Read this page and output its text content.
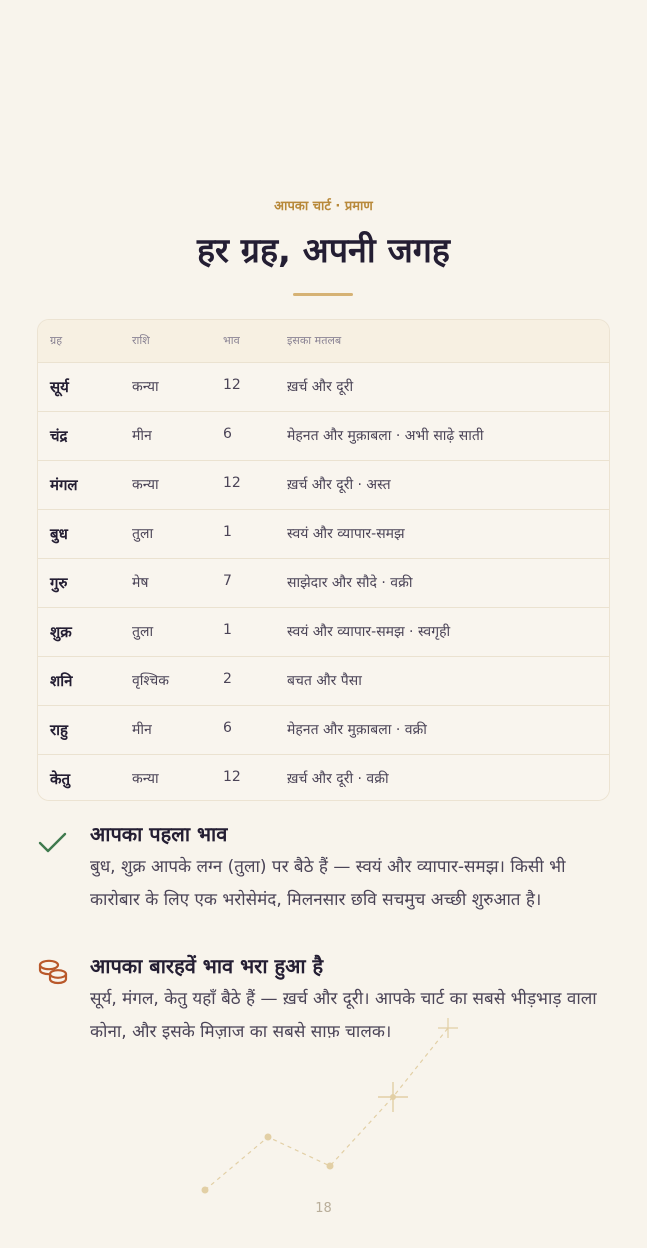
आपका चार्ट · प्रमाण
हर ग्रह, अपनी जगह
ग्रह	राशि	भाव	इसका मतलब
सूर्य	कन्या	12	ख़र्च और दूरी
चंद्र	मीन	6	मेहनत और मुक़ाबला · अभी साढ़े साती
मंगल	कन्या	12	ख़र्च और दूरी · अस्त
बुध	तुला	1	स्वयं और व्यापार-समझ
गुरु	मेष	7	साझेदार और सौदे · वक्री
शुक्र	तुला	1	स्वयं और व्यापार-समझ · स्वगृही
शनि	वृश्चिक	2	बचत और पैसा
राहु	मीन	6	मेहनत और मुक़ाबला · वक्री
केतु	कन्या	12	ख़र्च और दूरी · वक्री
आपका पहला भाव

बुध, शुक्र आपके लग्न (तुला) पर बैठे हैं — स्वयं और व्यापार-समझ। किसी भी कारोबार के लिए एक भरोसेमंद, मिलनसार छवि सचमुच अच्छी शुरुआत है।

आपका बारहवें भाव भरा हुआ है

सूर्य, मंगल, केतु यहाँ बैठे हैं — ख़र्च और दूरी। आपके चार्ट का सबसे भीड़भाड़ वाला कोना, और इसके मिज़ाज का सबसे साफ़ चालक।

18
